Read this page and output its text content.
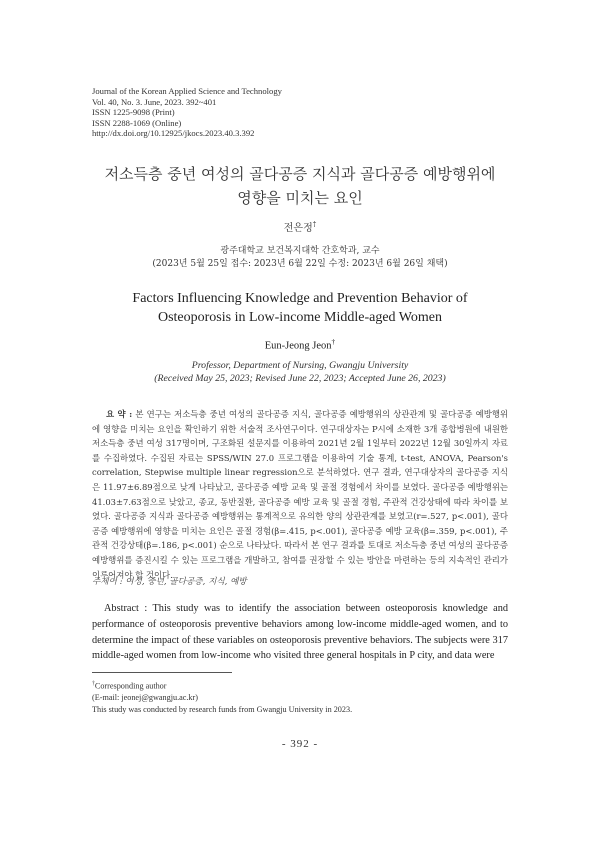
Journal of the Korean Applied Science and Technology
Vol. 40, No. 3. June, 2023. 392~401
ISSN 1225-9098 (Print)
ISSN 2288-1069 (Online)
http://dx.doi.org/10.12925/jkocs.2023.40.3.392
저소득층 중년 여성의 골다공증 지식과 골다공증 예방행위에
영향을 미치는 요인
전은정†
광주대학교 보건복지대학 간호학과, 교수
(2023년 5월 25일 접수: 2023년 6월 22일 수정: 2023년 6월 26일 채택)
Factors Influencing Knowledge and Prevention Behavior of
Osteoporosis in Low-income Middle-aged Women
Eun-Jeong Jeon†
Professor, Department of Nursing, Gwangju University
(Received May 25, 2023; Revised June 22, 2023; Accepted June 26, 2023)

요 약 : 본 연구는 저소득층 중년 여성의 골다공증 지식, 골다공증 예방행위의 상관관계 및 골다공증 예방행위에 영향을 미치는 요인을 확인하기 위한 서술적 조사연구이다. 연구대상자는 P시에 소재한 3개 종합병원에 내원한 저소득층 중년 여성 317명이며, 구조화된 설문지를 이용하여 2021년 2월 1일부터 2022년 12월 30일까지 자료를 수집하였다. 수집된 자료는 SPSS/WIN 27.0 프로그램을 이용하여 기술 통계, t-test, ANOVA, Pearson's correlation, Stepwise multiple linear regression으로 분석하였다. 연구 결과, 연구대상자의 골다공증 지식은 11.97±6.89점으로 낮게 나타났고, 골다공증 예방 교육 및 골절 경험에서 차이를 보였다. 골다공증 예방행위는 41.03±7.63점으로 낮았고, 종교, 동반질환, 골다공증 예방 교육 및 골절 경험, 주관적 건강상태에 따라 차이를 보였다. 골다공증 지식과 골다공증 예방행위는 통계적으로 유의한 양의 상관관계를 보였고(r=.527, p<.001), 골다공증 예방행위에 영향을 미치는 요인은 골절 경험(β=.415, p<.001), 골다공증 예방 교육(β=.359, p<.001), 주관적 건강상태(β=.186, p<.001) 순으로 나타났다. 따라서 본 연구 결과를 토대로 저소득층 중년 여성의 골다공증 예방행위를 증진시킬 수 있는 프로그램을 개발하고, 참여를 권장할 수 있는 방안을 마련하는 등의 지속적인 관리가 이루어져야 할 것이다.

주제어 : 여성, 중년, 골다공증, 지식, 예방

Abstract : This study was to identify the association between osteoporosis knowledge and performance of osteoporosis preventive behaviors among low-income middle-aged women, and to determine the impact of these variables on osteoporosis preventive behaviors. The subjects were 317 middle-aged women from low-income who visited three general hospitals in P city, and data were

†Corresponding author
(E-mail: jeonej@gwangju.ac.kr)
This study was conducted by research funds from Gwangju University in 2023.
- 392 -
